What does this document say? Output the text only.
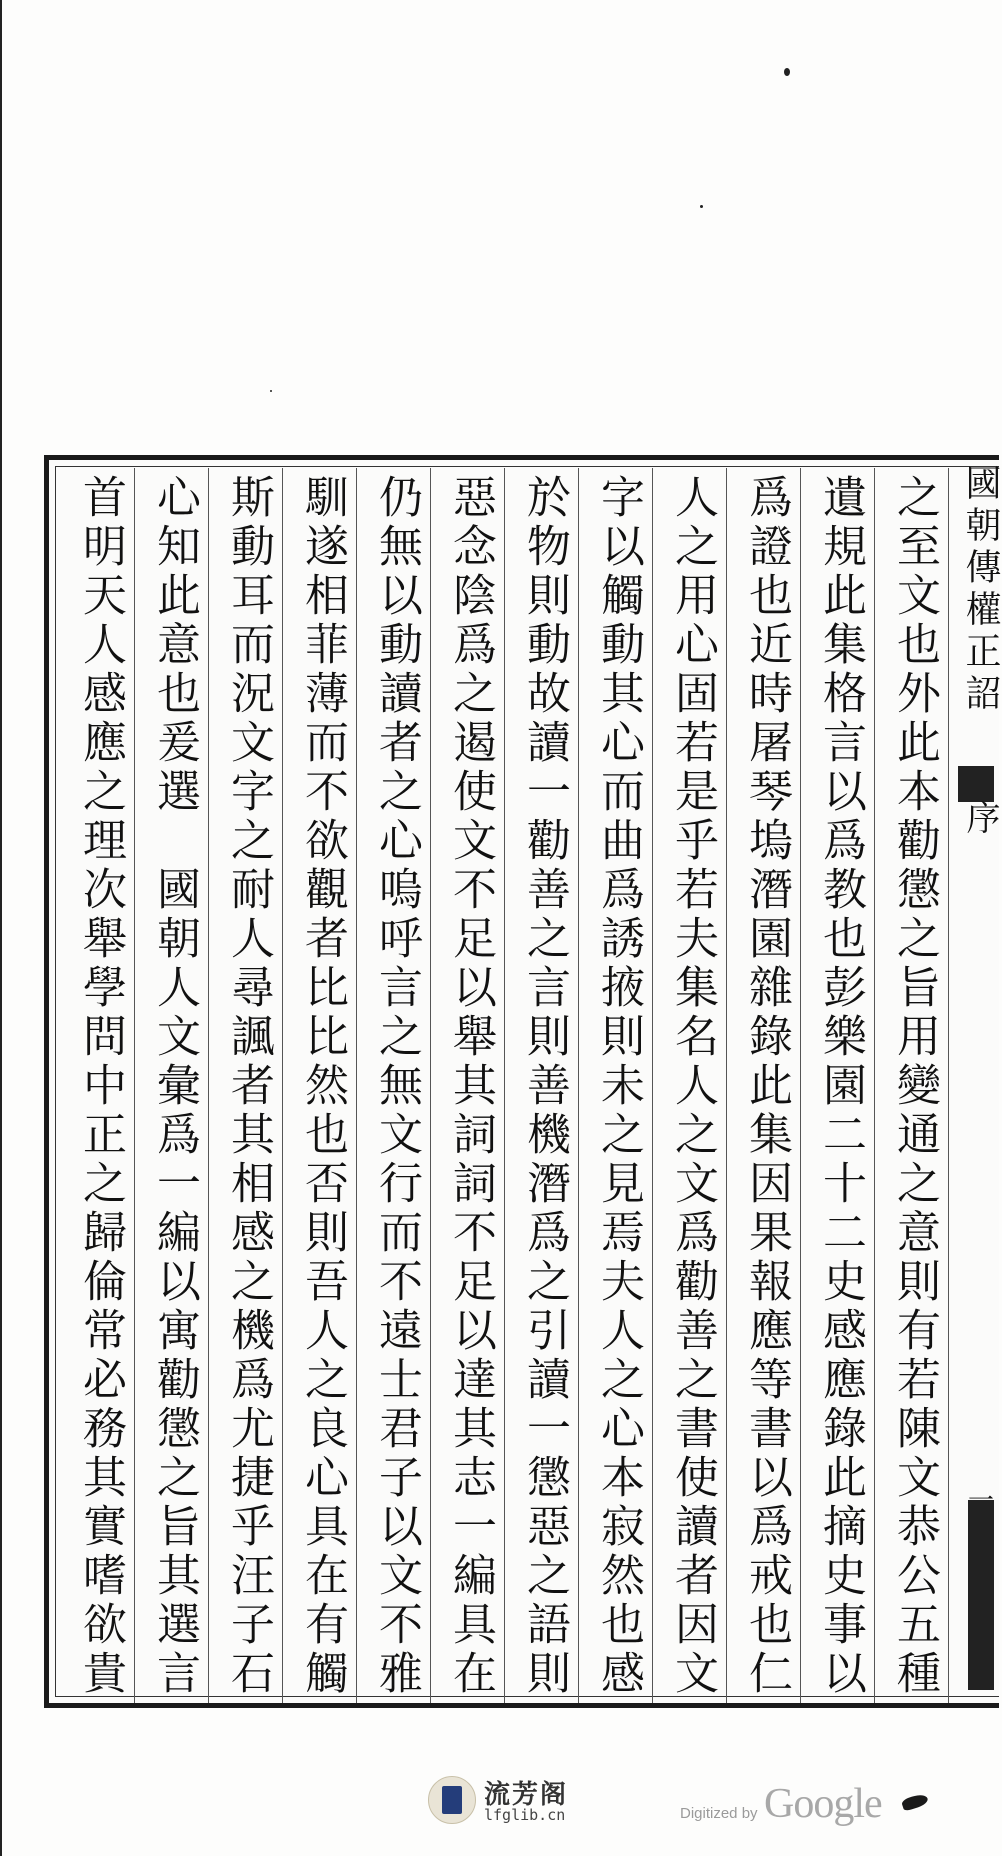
之至文也外此本勸懲之旨用變通之意則有若陳文恭公五種
遺規此集格言以爲教也彭樂園二十二史感應錄此摘史事以
爲證也近時屠琴塢潛園雜錄此集因果報應等書以爲戒也仁
人之用心固若是乎若夫集名人之文爲勸善之書使讀者因文
字以觸動其心而曲爲誘掖則未之見焉夫人之心本寂然也感
於物則動故讀一勸善之言則善機潛爲之引讀一懲惡之語則
惡念陰爲之遏使文不足以舉其詞詞不足以達其志一編具在
仍無以動讀者之心嗚呼言之無文行而不遠士君子以文不雅
馴遂相菲薄而不欲觀者比比然也否則吾人之良心具在有觸
斯動耳而況文字之耐人尋諷者其相感之機爲尤捷乎汪子石
心知此意也爰選　國朝人文彙爲一編以寓勸懲之旨其選言
首明天人感應之理次舉學問中正之歸倫常必務其實嗜欲貴	國朝傳權正詔
序
流芳阁
lfglib.cn	Digitized by Google
